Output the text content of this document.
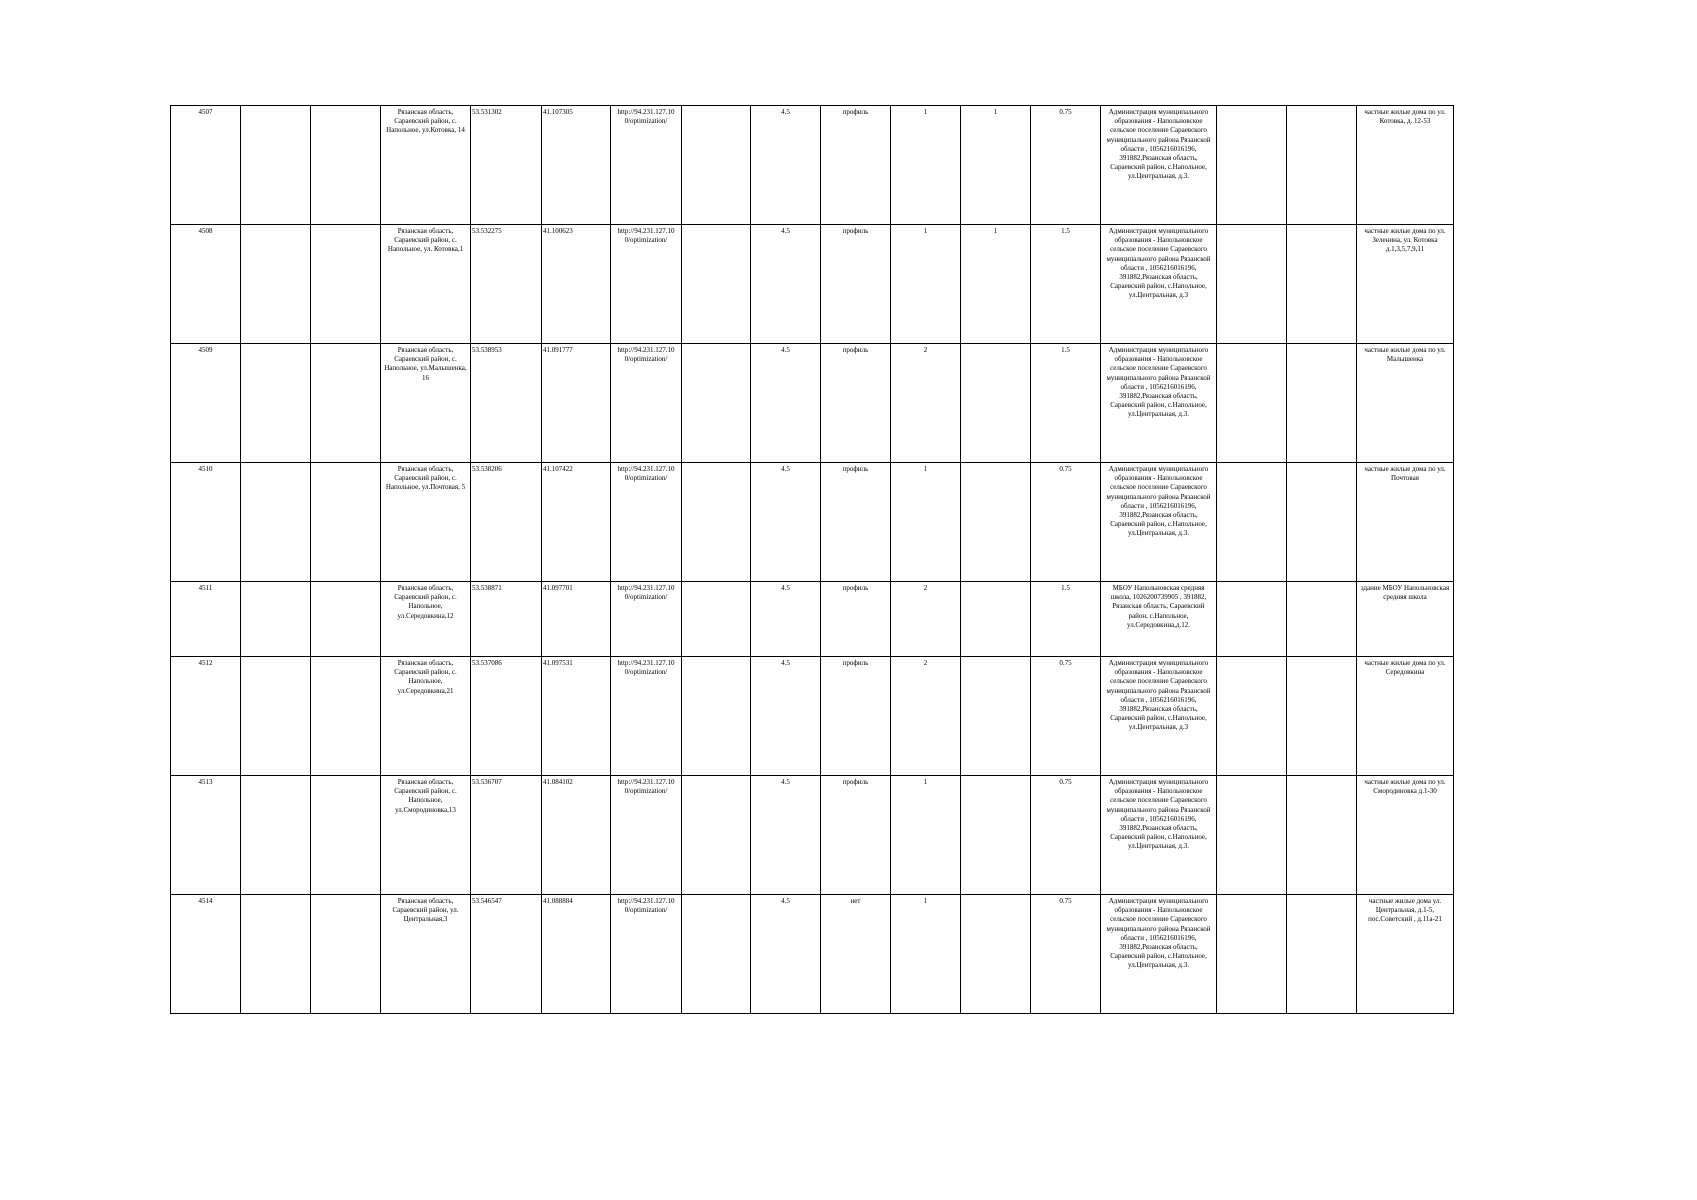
4507			Рязанская область, Сараевский район, с. Напольное, ул.Котовка, 14	53.531302	41.107305	http://94.231.127.10 0/optimization/		4.5	профиль	1	1	0.75	Администрация муниципального образования - Напольновское сельское поселение Сараевского муниципального района Рязанской области , 1056216016196, 391882,Рязанская область, Сараевский район, с.Напольное, ул.Центральная, д.3.			частные жилые дома по ул. Котовка, д. 12-53
4508			Рязанская область, Сараевский район, с. Напольное, ул. Котовка,1	53.532275	41.100623	http://94.231.127.10 0/optimization/		4.5	профиль	1	1	1.5	Администрация муниципального образования - Напольновское сельское поселение Сараевского муниципального района Рязанской области , 1056216016196, 391882,Рязанская область, Сараевский район, с.Напольное, ул.Центральная, д.3			частные жилые дома по ул. Зеленина, ул. Котовка д.1,3,5,7,9,11
4509			Рязанская область, Сараевский район, с. Напольное, ул.Малышенка, 16	53.538953	41.091777	http://94.231.127.10 0/optimization/		4.5	профиль	2		1.5	Администрация муниципального образования - Напольновское сельское поселение Сараевского муниципального района Рязанской области , 1056216016196, 391882,Рязанская область, Сараевский район, с.Напольное, ул.Центральная, д.3.			частные жилые дома по ул. Малышенка
4510			Рязанская область, Сараевский район, с. Напольное, ул.Почтовая, 5	53.538206	41.107422	http://94.231.127.10 0/optimization/		4.5	профиль	1		0.75	Администрация муниципального образования - Напольновское сельское поселение Сараевского муниципального района Рязанской области , 1056216016196, 391882,Рязанская область, Сараевский район, с.Напольное, ул.Центральная, д.3.			частные жилые дома по ул. Почтовая
4511			Рязанская область, Сараевский район, с. Напольное, ул.Середовкина,12	53.538871	41.097701	http://94.231.127.10 0/optimization/		4.5	профиль	2		1.5	МБОУ Напольновская средняя школа, 1026200739905 , 391882, Рязанская область, Сараевский район, с.Напольное, ул.Середовкина,д.12.			здание МБОУ Напольновская средняя школа
4512			Рязанская область, Сараевский район, с. Напольное, ул.Середовкина,21	53.537086	41.097531	http://94.231.127.10 0/optimization/		4.5	профиль	2		0.75	Администрация муниципального образования - Напольновское сельское поселение Сараевского муниципального района Рязанской области , 1056216016196, 391882,Рязанская область, Сараевский район, с.Напольное, ул.Центральная, д.3			частные жилые дома по ул. Середовкина
4513			Рязанская область, Сараевский район, с. Напольное, ул.Смородиновка,13	53.536707	41.084102	http://94.231.127.10 0/optimization/		4.5	профиль	1		0.75	Администрация муниципального образования - Напольновское сельское поселение Сараевского муниципального района Рязанской области , 1056216016196, 391882,Рязанская область, Сараевский район, с.Напольное, ул.Центральная, д.3.			частные жилые дома по ул. Смородиновка д.1-30
4514			Рязанская область, Сараевский район, ул. Центральная,3	53.546547	41.088884	http://94.231.127.10 0/optimization/		4.5	нет	1		0.75	Администрация муниципального образования - Напольновское сельское поселение Сараевского муниципального района Рязанской области , 1056216016196, 391882,Рязанская область, Сараевский район, с.Напольное, ул.Центральная, д.3.			частные жилые дома ул. Центральная, д.1-5, пос.Советский , д.11а-21
